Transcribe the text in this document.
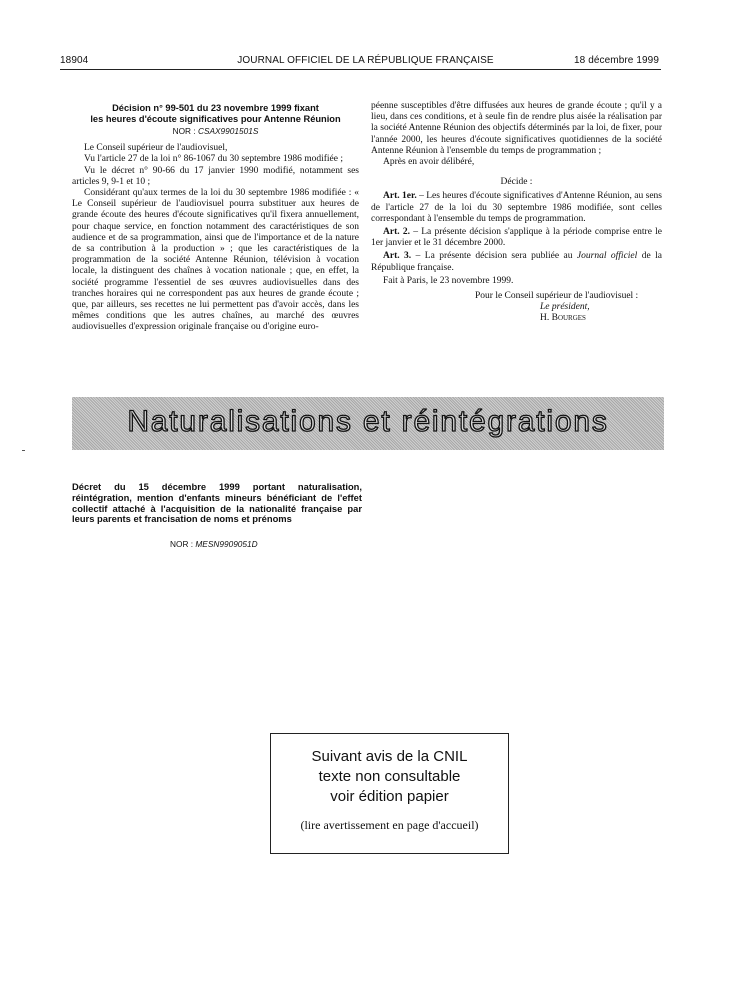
18904	JOURNAL OFFICIEL DE LA RÉPUBLIQUE FRANÇAISE	18 décembre 1999
Décision n° 99-501 du 23 novembre 1999 fixant
les heures d'écoute significatives pour Antenne Réunion
NOR : CSAX9901501S

Le Conseil supérieur de l'audiovisuel,

Vu l'article 27 de la loi n° 86-1067 du 30 septembre 1986 modifiée ;

Vu le décret n° 90-66 du 17 janvier 1990 modifié, notamment ses articles 9, 9-1 et 10 ;

Considérant qu'aux termes de la loi du 30 septembre 1986 modifiée : « Le Conseil supérieur de l'audiovisuel pourra substituer aux heures de grande écoute des heures d'écoute significatives qu'il fixera annuellement, pour chaque service, en fonction notamment des caractéristiques de son audience et de sa programmation, ainsi que de l'importance et de la nature de sa contribution à la production » ; que les caractéristiques de la programmation de la société Antenne Réunion, télévision à vocation locale, la distinguent des chaînes à vocation nationale ; que, en effet, la société programme l'essentiel de ses œuvres audiovisuelles dans des tranches horaires qui ne correspondent pas aux heures de grande écoute ; que, par ailleurs, ses recettes ne lui permettent pas d'avoir accès, dans les mêmes conditions que les autres chaînes, au marché des œuvres audiovisuelles d'expression originale française ou d'origine euro-

péenne susceptibles d'être diffusées aux heures de grande écoute ; qu'il y a lieu, dans ces conditions, et à seule fin de rendre plus aisée la réalisation par la société Antenne Réunion des objectifs déterminés par la loi, de fixer, pour l'année 2000, les heures d'écoute significatives quotidiennes de la société Antenne Réunion à l'ensemble du temps de programmation ;

Après en avoir délibéré,

Décide :

Art. 1er. – Les heures d'écoute significatives d'Antenne Réunion, au sens de l'article 27 de la loi du 30 septembre 1986 modifiée, sont celles correspondant à l'ensemble du temps de programmation.

Art. 2. – La présente décision s'applique à la période comprise entre le 1er janvier et le 31 décembre 2000.

Art. 3. – La présente décision sera publiée au Journal officiel de la République française.

Fait à Paris, le 23 novembre 1999.

Pour le Conseil supérieur de l'audiovisuel :

Le président,

H. Bourges

Naturalisations et réintégrations
Décret du 15 décembre 1999 portant naturalisation, réintégration, mention d'enfants mineurs bénéficiant de l'effet collectif attaché à l'acquisition de la nationalité française par leurs parents et francisation de noms et prénoms
NOR : MESN9909051D
Suivant avis de la CNIL
texte non consultable
voir édition papier
(lire avertissement en page d'accueil)
